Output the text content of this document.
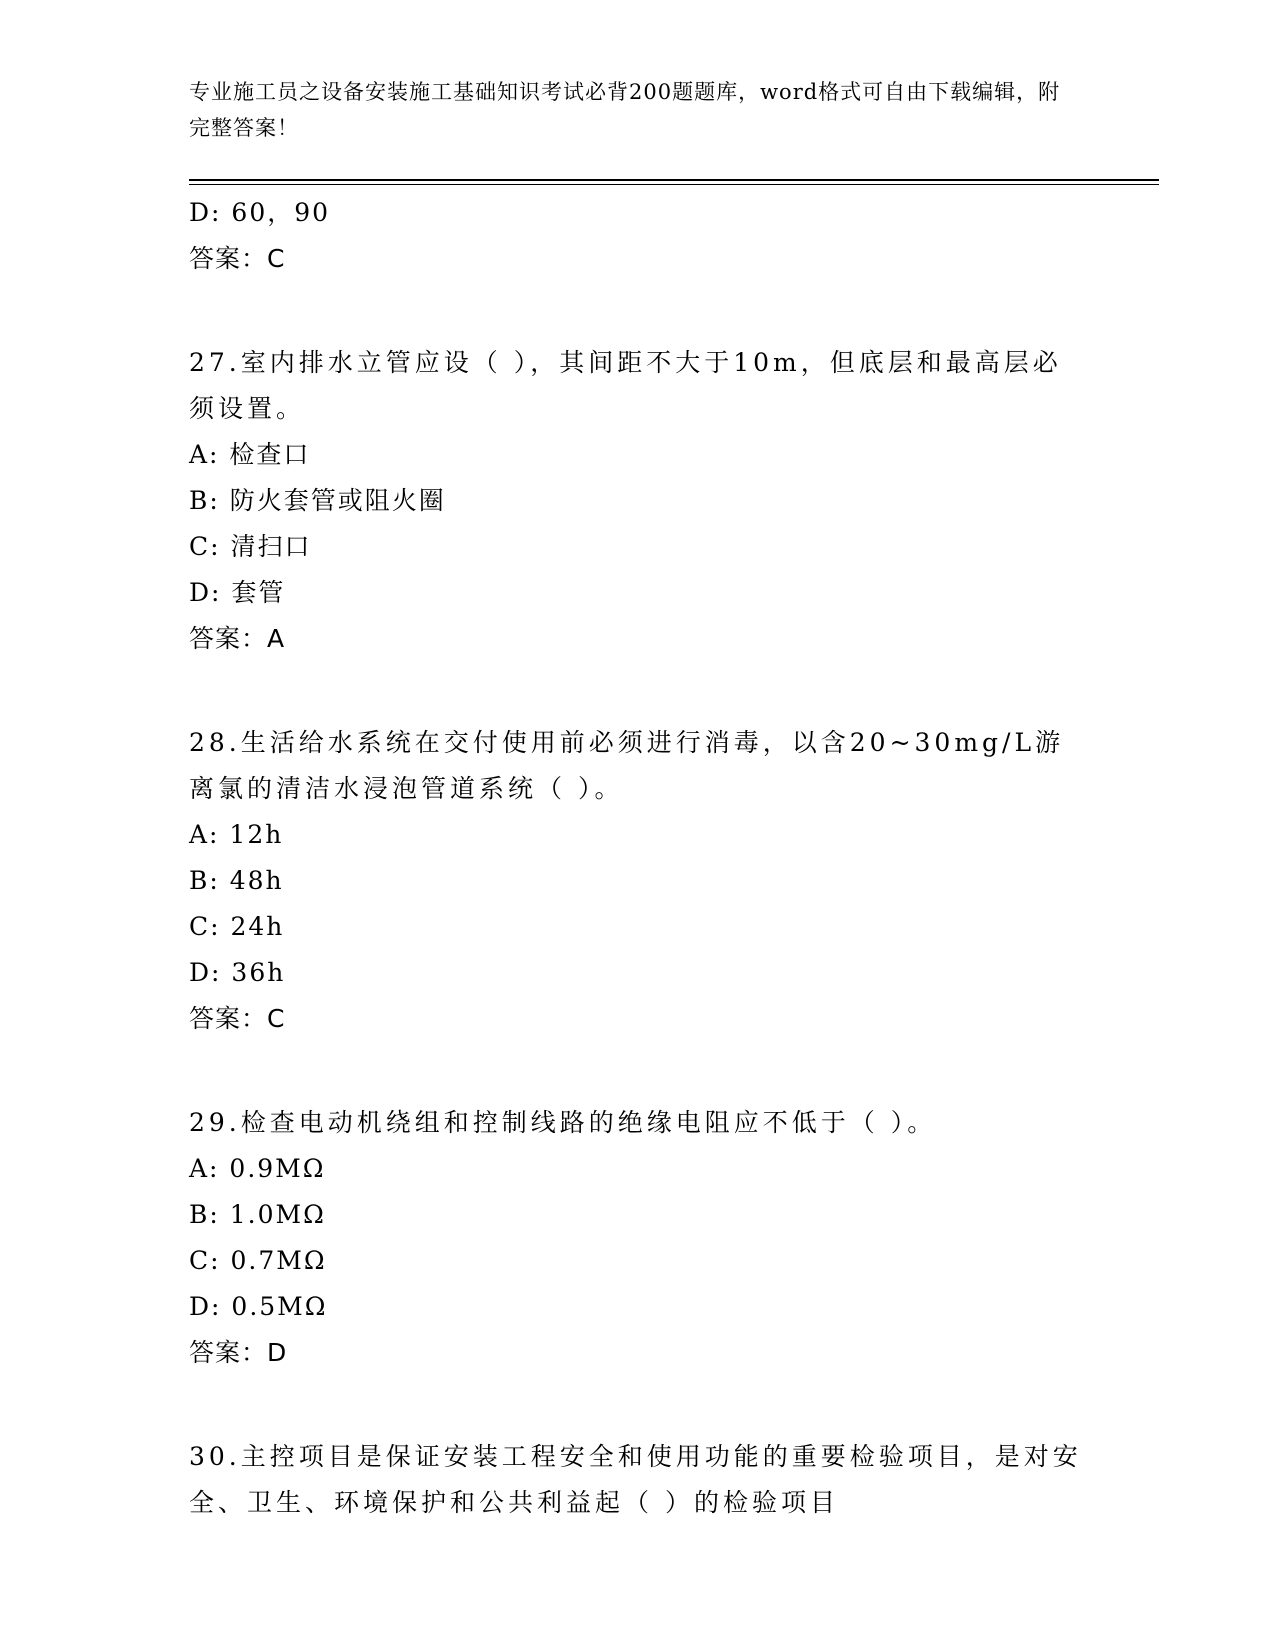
专业施工员之设备安装施工基础知识考试必背200题题库，word格式可自由下载编辑，附完整答案！
D: 60，90
答案：C
27.室内排水立管应设（ ），其间距不大于10m，但底层和最高层必须设置。
A: 检查口
B: 防火套管或阻火圈
C: 清扫口
D: 套管
答案：A
28.生活给水系统在交付使用前必须进行消毒，以含20~30mg/L游离氯的清洁水浸泡管道系统（ ）。
A: 12h
B: 48h
C: 24h
D: 36h
答案：C
29.检查电动机绕组和控制线路的绝缘电阻应不低于（ ）。
A: 0.9MΩ
B: 1.0MΩ
C: 0.7MΩ
D: 0.5MΩ
答案：D
30.主控项目是保证安装工程安全和使用功能的重要检验项目，是对安全、卫生、环境保护和公共利益起（ ）的检验项目
